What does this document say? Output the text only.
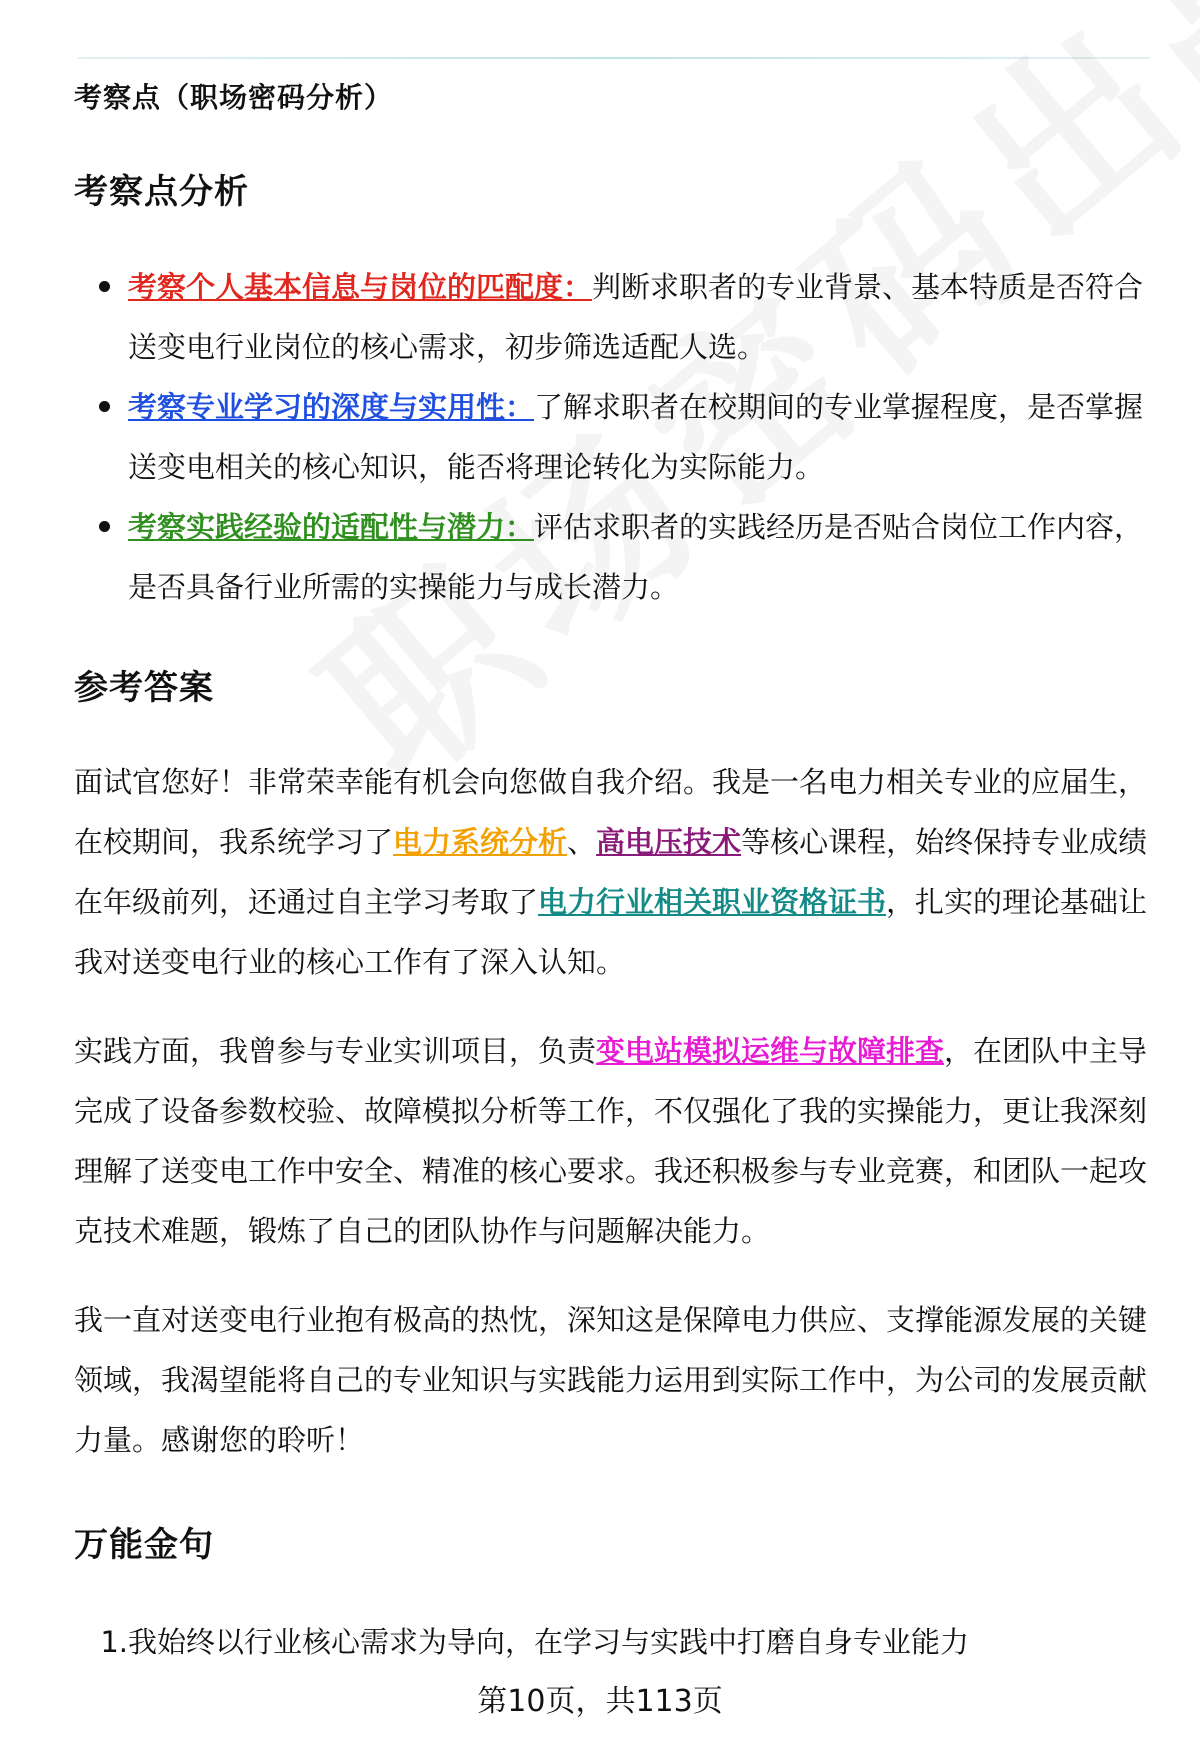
考察点（职场密码分析）
考察点分析
考察个人基本信息与岗位的匹配度：判断求职者的专业背景、基本特质是否符合送变电行业岗位的核心需求，初步筛选适配人选。
考察专业学习的深度与实用性：了解求职者在校期间的专业掌握程度，是否掌握送变电相关的核心知识，能否将理论转化为实际能力。
考察实践经验的适配性与潜力：评估求职者的实践经历是否贴合岗位工作内容，是否具备行业所需的实操能力与成长潜力。
参考答案

面试官您好！非常荣幸能有机会向您做自我介绍。我是一名电力相关专业的应届生，在校期间，我系统学习了电力系统分析、高电压技术等核心课程，始终保持专业成绩在年级前列，还通过自主学习考取了电力行业相关职业资格证书，扎实的理论基础让我对送变电行业的核心工作有了深入认知。

实践方面，我曾参与专业实训项目，负责变电站模拟运维与故障排查，在团队中主导完成了设备参数校验、故障模拟分析等工作，不仅强化了我的实操能力，更让我深刻理解了送变电工作中安全、精准的核心要求。我还积极参与专业竞赛，和团队一起攻克技术难题，锻炼了自己的团队协作与问题解决能力。

我一直对送变电行业抱有极高的热忱，深知这是保障电力供应、支撑能源发展的关键领域，我渴望能将自己的专业知识与实践能力运用到实际工作中，为公司的发展贡献力量。感谢您的聆听！

万能金句
1.我始终以行业核心需求为导向，在学习与实践中打磨自身专业能力
第10页，共113页
